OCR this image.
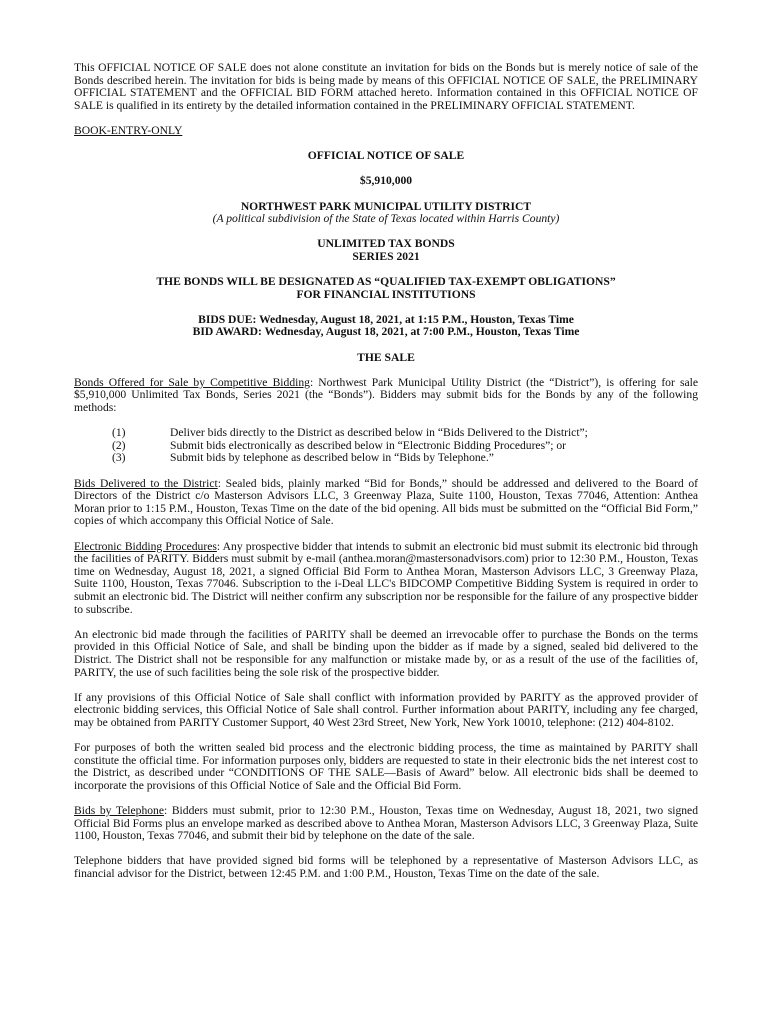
This OFFICIAL NOTICE OF SALE does not alone constitute an invitation for bids on the Bonds but is merely notice of sale of the Bonds described herein. The invitation for bids is being made by means of this OFFICIAL NOTICE OF SALE, the PRELIMINARY OFFICIAL STATEMENT and the OFFICIAL BID FORM attached hereto. Information contained in this OFFICIAL NOTICE OF SALE is qualified in its entirety by the detailed information contained in the PRELIMINARY OFFICIAL STATEMENT.

BOOK-ENTRY-ONLY

OFFICIAL NOTICE OF SALE
$5,910,000
NORTHWEST PARK MUNICIPAL UTILITY DISTRICT
(A political subdivision of the State of Texas located within Harris County)
UNLIMITED TAX BONDS
SERIES 2021
THE BONDS WILL BE DESIGNATED AS “QUALIFIED TAX-EXEMPT OBLIGATIONS”
FOR FINANCIAL INSTITUTIONS
BIDS DUE: Wednesday, August 18, 2021, at 1:15 P.M., Houston, Texas Time
BID AWARD: Wednesday, August 18, 2021, at 7:00 P.M., Houston, Texas Time
THE SALE

Bonds Offered for Sale by Competitive Bidding: Northwest Park Municipal Utility District (the “District”), is offering for sale $5,910,000 Unlimited Tax Bonds, Series 2021 (the “Bonds”). Bidders may submit bids for the Bonds by any of the following methods:

(1)	Deliver bids directly to the District as described below in “Bids Delivered to the District”;
(2)	Submit bids electronically as described below in “Electronic Bidding Procedures”; or
(3)	Submit bids by telephone as described below in “Bids by Telephone.”

Bids Delivered to the District: Sealed bids, plainly marked “Bid for Bonds,” should be addressed and delivered to the Board of Directors of the District c/o Masterson Advisors LLC, 3 Greenway Plaza, Suite 1100, Houston, Texas 77046, Attention: Anthea Moran prior to 1:15 P.M., Houston, Texas Time on the date of the bid opening. All bids must be submitted on the “Official Bid Form,” copies of which accompany this Official Notice of Sale.

Electronic Bidding Procedures: Any prospective bidder that intends to submit an electronic bid must submit its electronic bid through the facilities of PARITY. Bidders must submit by e-mail (anthea.moran@mastersonadvisors.com) prior to 12:30 P.M., Houston, Texas time on Wednesday, August 18, 2021, a signed Official Bid Form to Anthea Moran, Masterson Advisors LLC, 3 Greenway Plaza, Suite 1100, Houston, Texas 77046. Subscription to the i-Deal LLC's BIDCOMP Competitive Bidding System is required in order to submit an electronic bid. The District will neither confirm any subscription nor be responsible for the failure of any prospective bidder to subscribe.

An electronic bid made through the facilities of PARITY shall be deemed an irrevocable offer to purchase the Bonds on the terms provided in this Official Notice of Sale, and shall be binding upon the bidder as if made by a signed, sealed bid delivered to the District. The District shall not be responsible for any malfunction or mistake made by, or as a result of the use of the facilities of, PARITY, the use of such facilities being the sole risk of the prospective bidder.

If any provisions of this Official Notice of Sale shall conflict with information provided by PARITY as the approved provider of electronic bidding services, this Official Notice of Sale shall control. Further information about PARITY, including any fee charged, may be obtained from PARITY Customer Support, 40 West 23rd Street, New York, New York 10010, telephone: (212) 404-8102.

For purposes of both the written sealed bid process and the electronic bidding process, the time as maintained by PARITY shall constitute the official time. For information purposes only, bidders are requested to state in their electronic bids the net interest cost to the District, as described under “CONDITIONS OF THE SALE—Basis of Award” below. All electronic bids shall be deemed to incorporate the provisions of this Official Notice of Sale and the Official Bid Form.

Bids by Telephone: Bidders must submit, prior to 12:30 P.M., Houston, Texas time on Wednesday, August 18, 2021, two signed Official Bid Forms plus an envelope marked as described above to Anthea Moran, Masterson Advisors LLC, 3 Greenway Plaza, Suite 1100, Houston, Texas 77046, and submit their bid by telephone on the date of the sale.

Telephone bidders that have provided signed bid forms will be telephoned by a representative of Masterson Advisors LLC, as financial advisor for the District, between 12:45 P.M. and 1:00 P.M., Houston, Texas Time on the date of the sale.
